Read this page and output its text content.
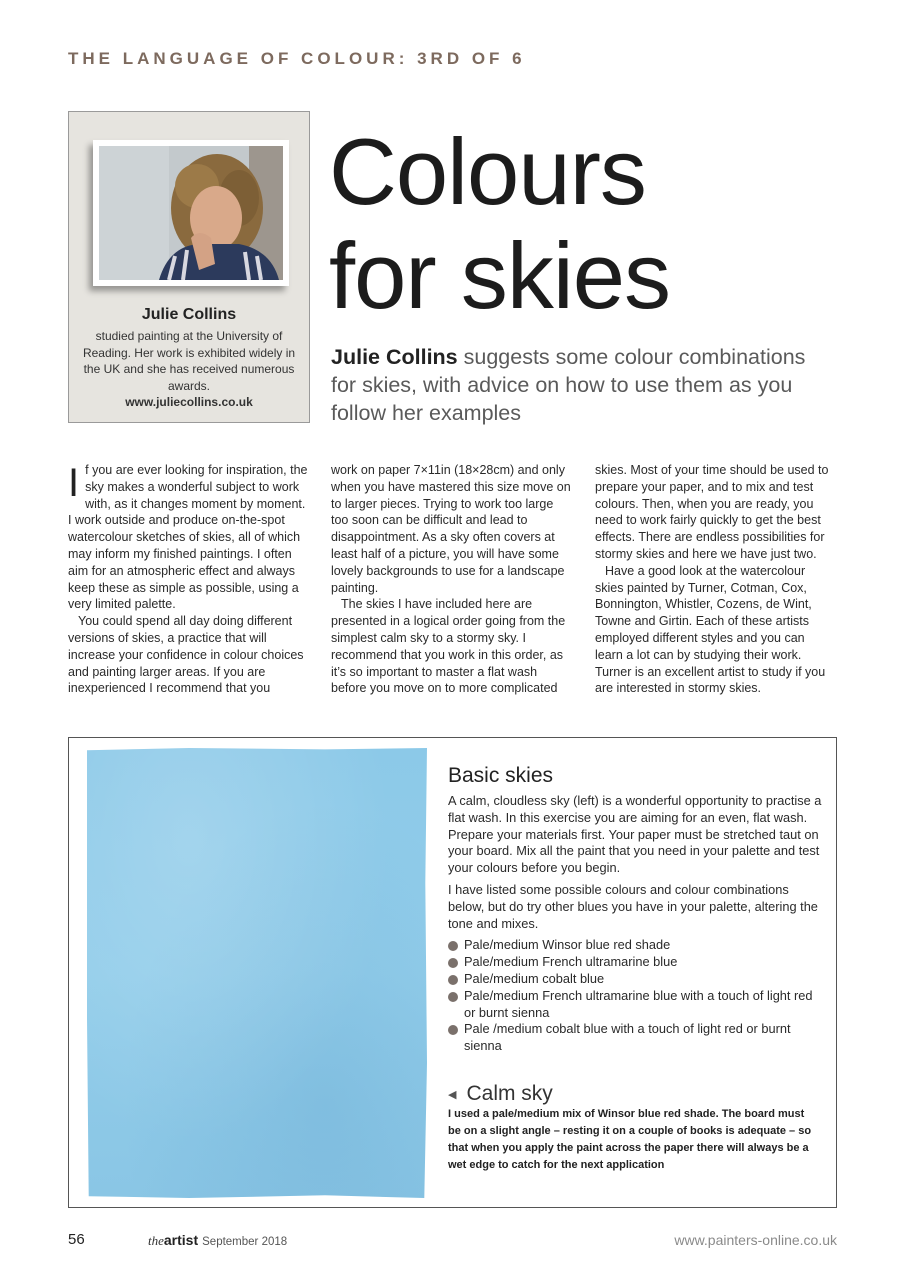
THE LANGUAGE OF COLOUR: 3RD OF 6
Julie Collins
studied painting at the University of Reading. Her work is exhibited widely in the UK and she has received numerous awards.
www.juliecollins.co.uk
Colours
for skies
Julie Collins suggests some colour combinations for skies, with advice on how to use them as you follow her examples

If you are ever looking for inspiration, the sky makes a wonderful subject to work with, as it changes moment by moment. I work outside and produce on-the-spot watercolour sketches of skies, all of which may inform my finished paintings. I often aim for an atmospheric effect and always keep these as simple as possible, using a very limited palette.

You could spend all day doing different versions of skies, a practice that will increase your confidence in colour choices and painting larger areas. If you are inexperienced I recommend that you

work on paper 7×11in (18×28cm) and only when you have mastered this size move on to larger pieces. Trying to work too large too soon can be difficult and lead to disappointment. As a sky often covers at least half of a picture, you will have some lovely backgrounds to use for a landscape painting.

The skies I have included here are presented in a logical order going from the simplest calm sky to a stormy sky. I recommend that you work in this order, as it’s so important to master a flat wash before you move on to more complicated

skies. Most of your time should be used to prepare your paper, and to mix and test colours. Then, when you are ready, you need to work fairly quickly to get the best effects. There are endless possibilities for stormy skies and here we have just two.

Have a good look at the watercolour skies painted by Turner, Cotman, Cox, Bonnington, Whistler, Cozens, de Wint, Towne and Girtin. Each of these artists employed different styles and you can learn a lot can by studying their work. Turner is an excellent artist to study if you are interested in stormy skies.

Basic skies

A calm, cloudless sky (left) is a wonderful opportunity to practise a flat wash. In this exercise you are aiming for an even, flat wash. Prepare your materials first. Your paper must be stretched taut on your board. Mix all the paint that you need in your palette and test your colours before you begin.

I have listed some possible colours and colour combinations below, but do try other blues you have in your palette, altering the tone and mixes.

Pale/medium Winsor blue red shade
Pale/medium French ultramarine blue
Pale/medium cobalt blue
Pale/medium French ultramarine blue with a touch of light red or burnt sienna
Pale /medium cobalt blue with a touch of light red or burnt sienna
◀ Calm sky
I used a pale/medium mix of Winsor blue red shade. The board must be on a slight angle – resting it on a couple of books is adequate – so that when you apply the paint across the paper there will always be a wet edge to catch for the next application
56	theartist September 2018	www.painters-online.co.uk
